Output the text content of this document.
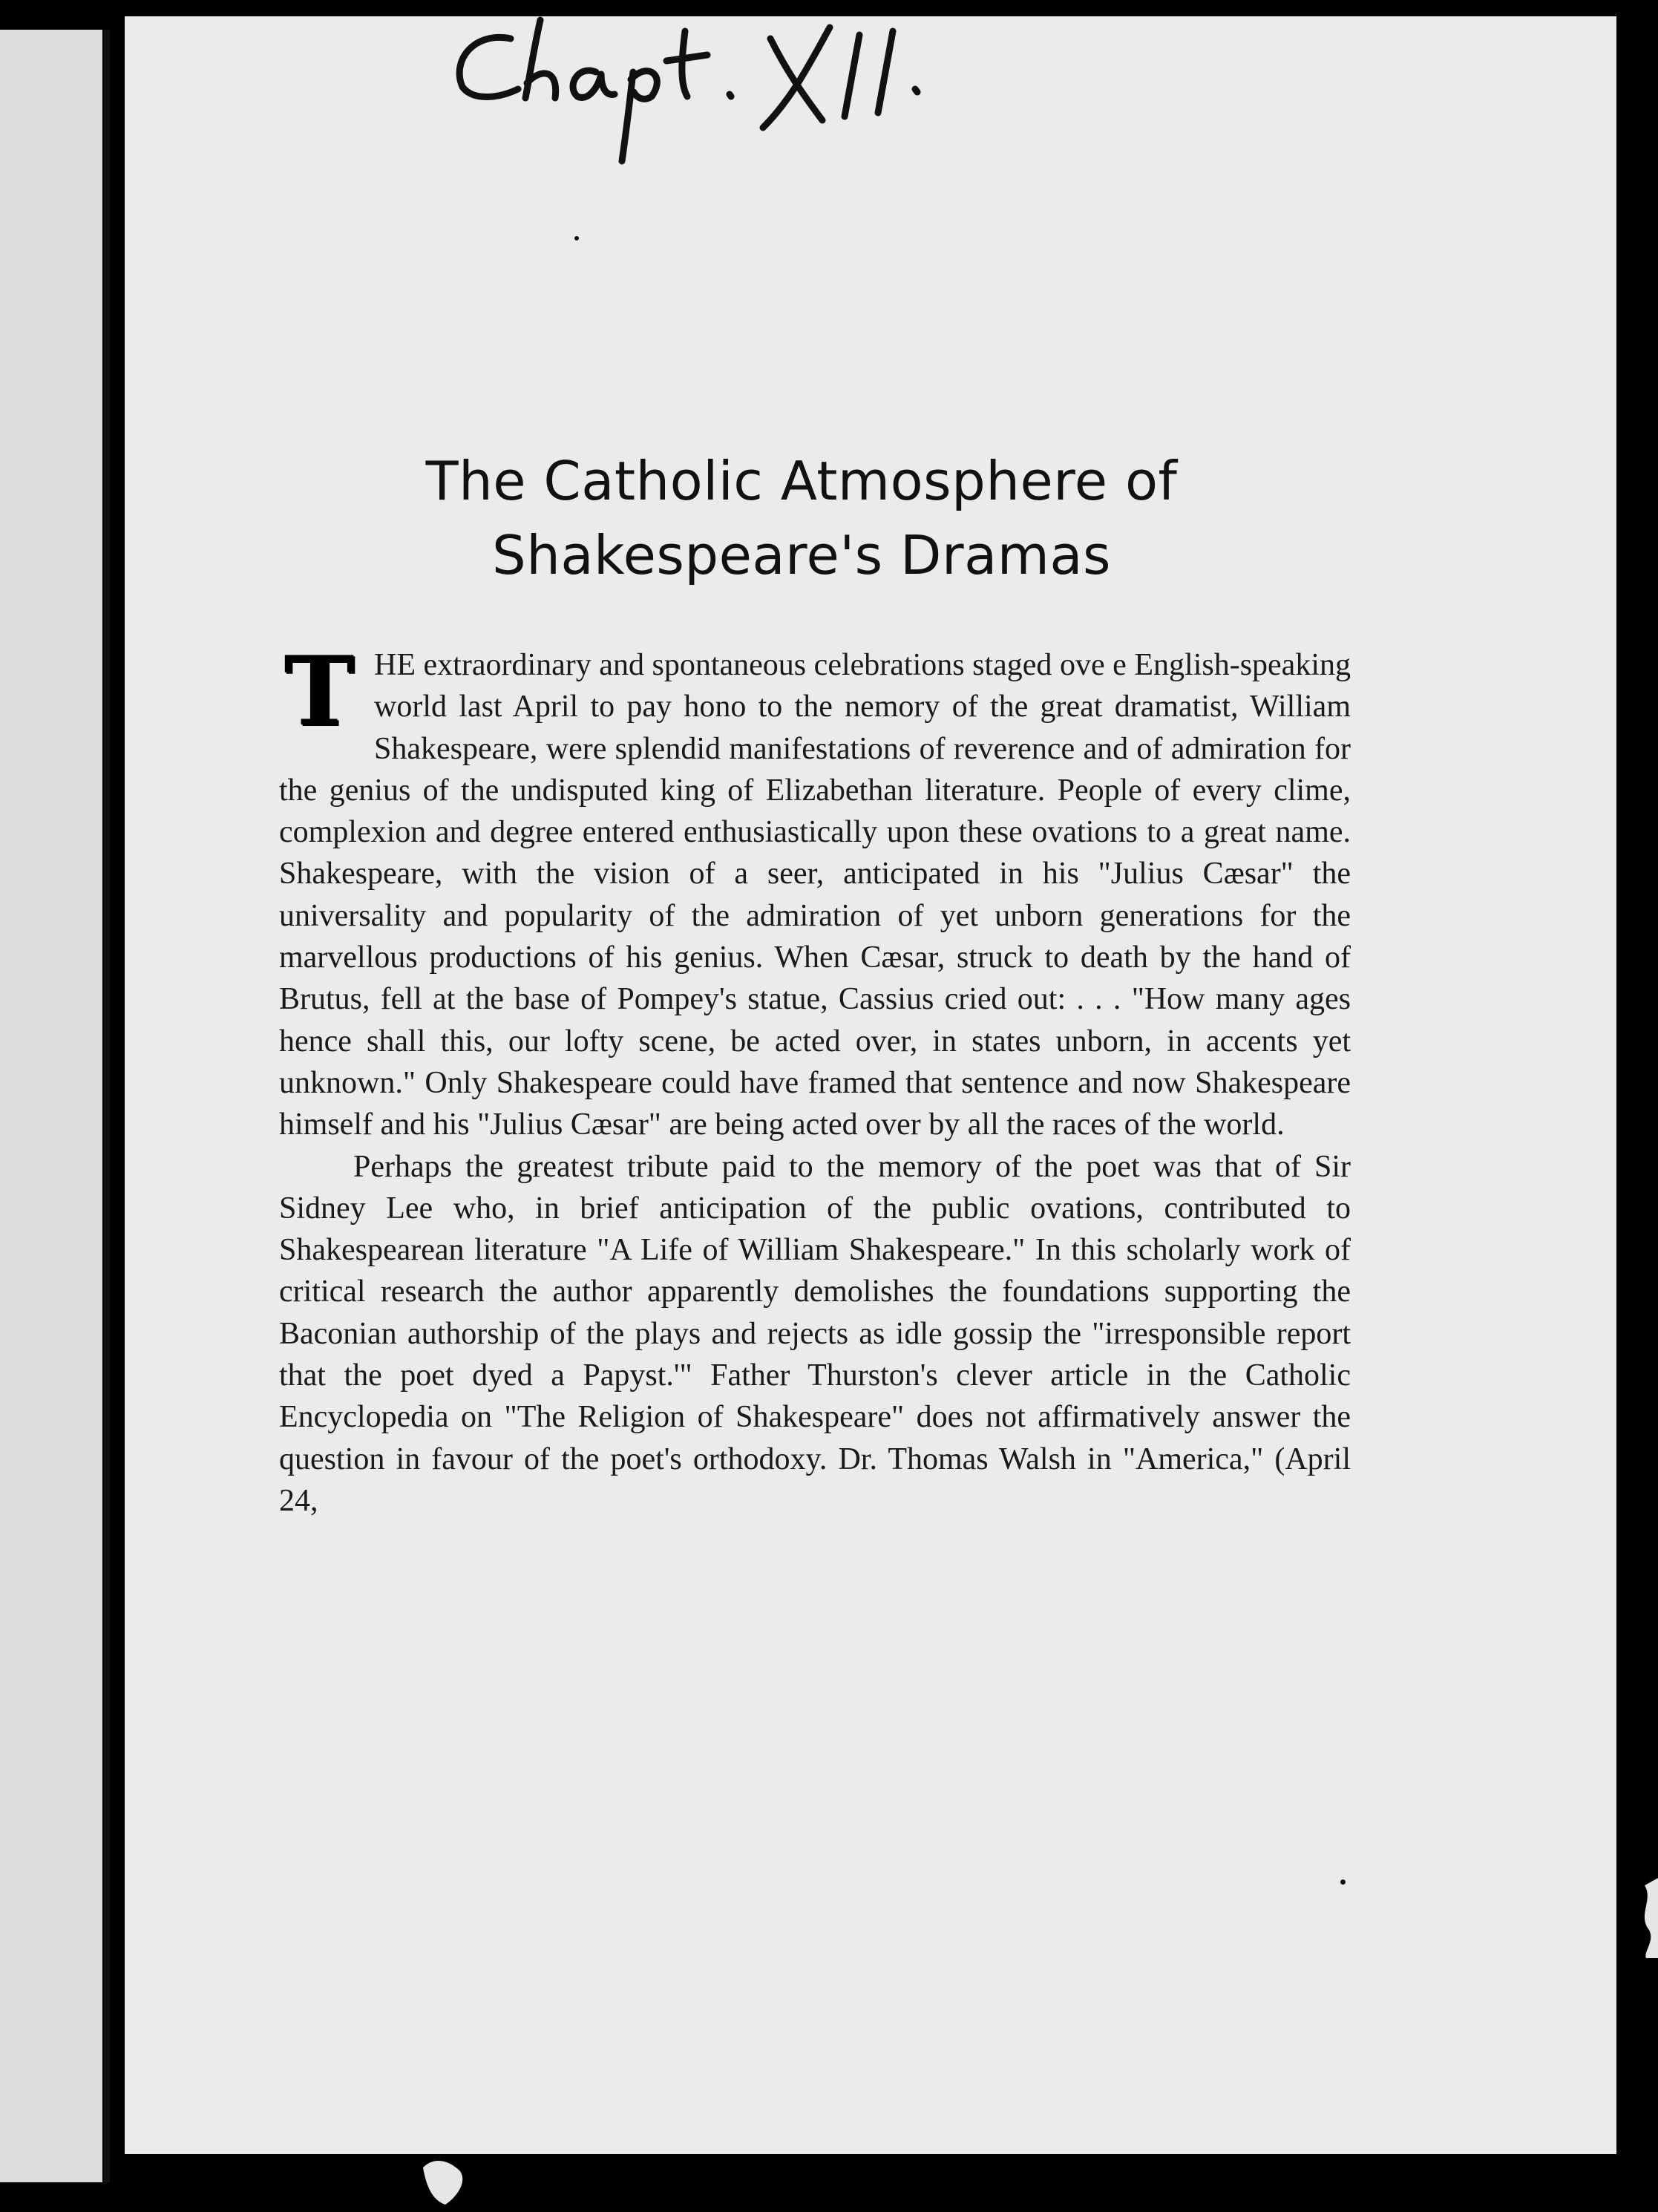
The Catholic Atmosphere of
Shakespeare's Dramas
THE extraordinary and spontaneous celebrations staged ove e English-speaking world last April to pay hono to the nemory of the great dramatist, William Shakespeare, were splendid manifestations of reverence and of admiration for the genius of the undisputed king of Elizabethan literature. People of every clime, complexion and degree entered enthusiastically upon these ovations to a great name. Shakespeare, with the vision of a seer, anticipated in his "Julius Cæsar" the universality and popularity of the admiration of yet unborn generations for the marvellous productions of his genius. When Cæsar, struck to death by the hand of Brutus, fell at the base of Pompey's statue, Cassius cried out: . . . "How many ages hence shall this, our lofty scene, be acted over, in states unborn, in accents yet unknown." Only Shakespeare could have framed that sentence and now Shakespeare himself and his "Julius Cæsar" are being acted over by all the races of the world.
Perhaps the greatest tribute paid to the memory of the poet was that of Sir Sidney Lee who, in brief anticipation of the public ovations, contributed to Shakespearean literature "A Life of William Shakespeare." In this scholarly work of critical research the author apparently demolishes the foundations supporting the Baconian authorship of the plays and rejects as idle gossip the "irresponsible report that the poet dyed a Papyst.'" Father Thurston's clever article in the Catholic Encyclopedia on "The Religion of Shakespeare" does not affirmatively answer the question in favour of the poet's orthodoxy. Dr. Thomas Walsh in "America," (April 24,
